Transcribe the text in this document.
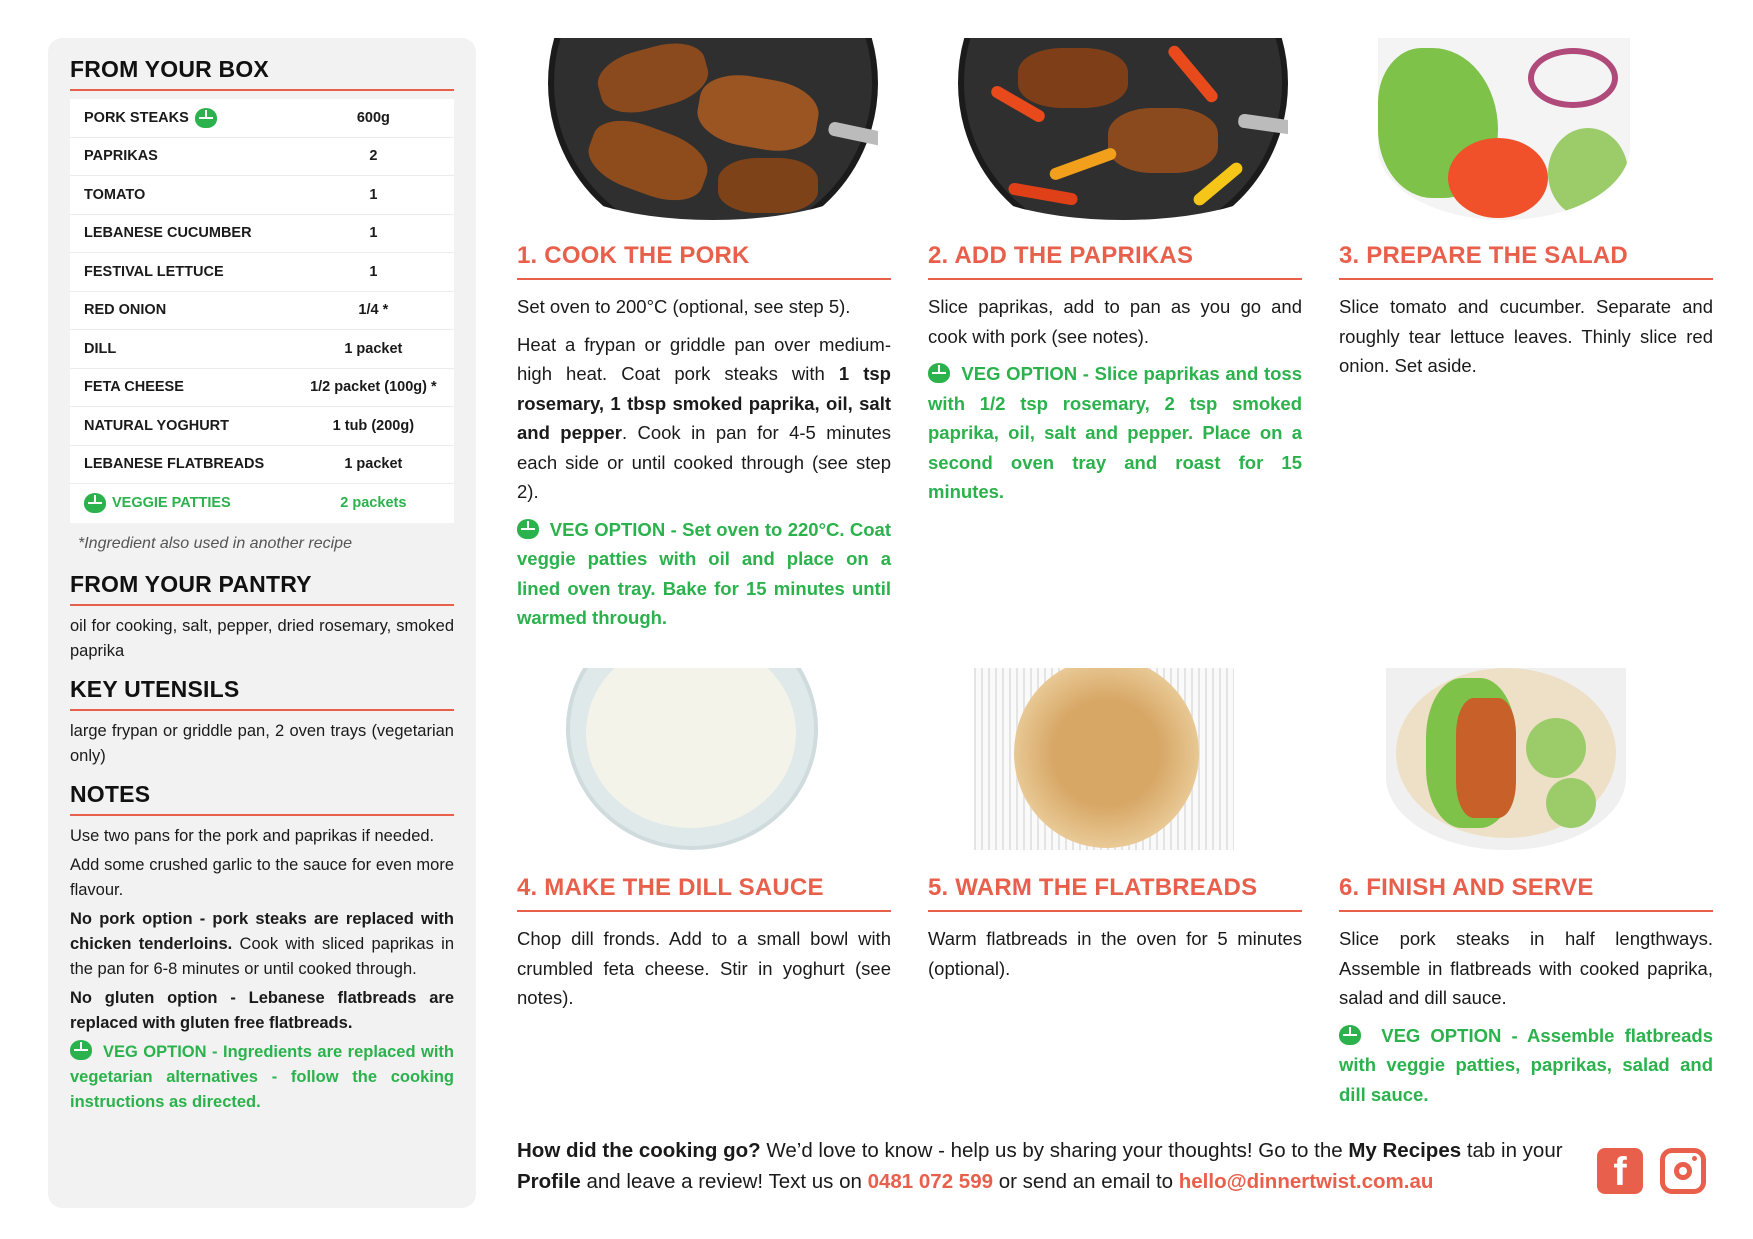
FROM YOUR BOX
PORK STEAKS	600g
PAPRIKAS	2
TOMATO	1
LEBANESE CUCUMBER	1
FESTIVAL LETTUCE	1
RED ONION	1/4 *
DILL	1 packet
FETA CHEESE	1/2 packet (100g) *
NATURAL YOGHURT	1 tub (200g)
LEBANESE FLATBREADS	1 packet
VEGGIE PATTIES	2 packets
*Ingredient also used in another recipe
FROM YOUR PANTRY
oil for cooking, salt, pepper, dried rosemary, smoked paprika
KEY UTENSILS
large frypan or griddle pan, 2 oven trays (vegetarian only)
NOTES
Use two pans for the pork and paprikas if needed.
Add some crushed garlic to the sauce for even more flavour.
No pork option - pork steaks are replaced with chicken tenderloins. Cook with sliced paprikas in the pan for 6-8 minutes or until cooked through.
No gluten option - Lebanese flatbreads are replaced with gluten free flatbreads.
VEG OPTION - Ingredients are replaced with vegetarian alternatives - follow the cooking instructions as directed.
1. COOK THE PORK

Set oven to 200°C (optional, see step 5).

Heat a frypan or griddle pan over medium-high heat. Coat pork steaks with 1 tsp rosemary, 1 tbsp smoked paprika, oil, salt and pepper. Cook in pan for 4-5 minutes each side or until cooked through (see step 2).

VEG OPTION - Set oven to 220°C. Coat veggie patties with oil and place on a lined oven tray. Bake for 15 minutes until warmed through.

2. ADD THE PAPRIKAS

Slice paprikas, add to pan as you go and cook with pork (see notes).

VEG OPTION - Slice paprikas and toss with 1/2 tsp rosemary, 2 tsp smoked paprika, oil, salt and pepper. Place on a second oven tray and roast for 15 minutes.

3. PREPARE THE SALAD

Slice tomato and cucumber. Separate and roughly tear lettuce leaves. Thinly slice red onion. Set aside.

4. MAKE THE DILL SAUCE

Chop dill fronds. Add to a small bowl with crumbled feta cheese. Stir in yoghurt (see notes).

5. WARM THE FLATBREADS

Warm flatbreads in the oven for 5 minutes (optional).

6. FINISH AND SERVE

Slice pork steaks in half lengthways. Assemble in flatbreads with cooked paprika, salad and dill sauce.

VEG OPTION - Assemble flatbreads with veggie patties, paprikas, salad and dill sauce.

How did the cooking go? We’d love to know - help us by sharing your thoughts! Go to the My Recipes tab in your Profile and leave a review! Text us on 0481 072 599 or send an email to hello@dinnertwist.com.au	f
